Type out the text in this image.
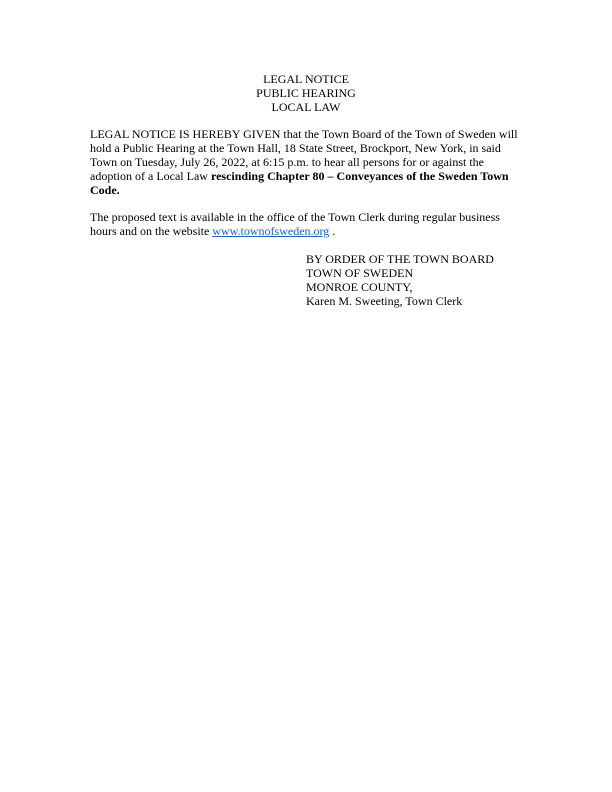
LEGAL NOTICE
PUBLIC HEARING
LOCAL LAW
LEGAL NOTICE IS HEREBY GIVEN that the Town Board of the Town of Sweden will
hold a Public Hearing at the Town Hall, 18 State Street, Brockport, New York, in said
Town on Tuesday, July 26, 2022, at 6:15 p.m. to hear all persons for or against the
adoption of a Local Law rescinding Chapter 80 – Conveyances of the Sweden Town
Code.
The proposed text is available in the office of the Town Clerk during regular business
hours and on the website www.townofsweden.org .
BY ORDER OF THE TOWN BOARD
TOWN OF SWEDEN
MONROE COUNTY,
Karen M. Sweeting, Town Clerk
